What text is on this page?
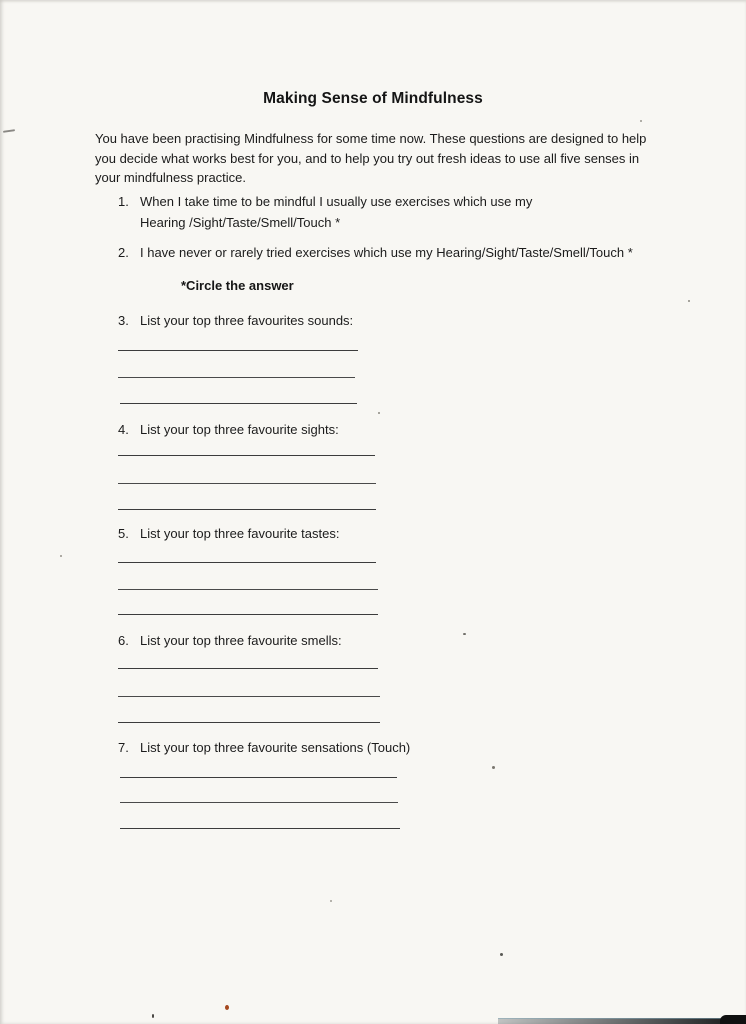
Making Sense of Mindfulness
You have been practising Mindfulness for some time now. These questions are designed to help you decide what works best for you, and to help you try out fresh ideas to use all five senses in your mindfulness practice.
1. When I take time to be mindful I usually use exercises which use my
Hearing /Sight/Taste/Smell/Touch *
2. I have never or rarely tried exercises which use my Hearing/Sight/Taste/Smell/Touch *
*Circle the answer
3. List your top three favourites sounds:
4. List your top three favourite sights:
5. List your top three favourite tastes:
6. List your top three favourite smells:
7. List your top three favourite sensations (Touch)
